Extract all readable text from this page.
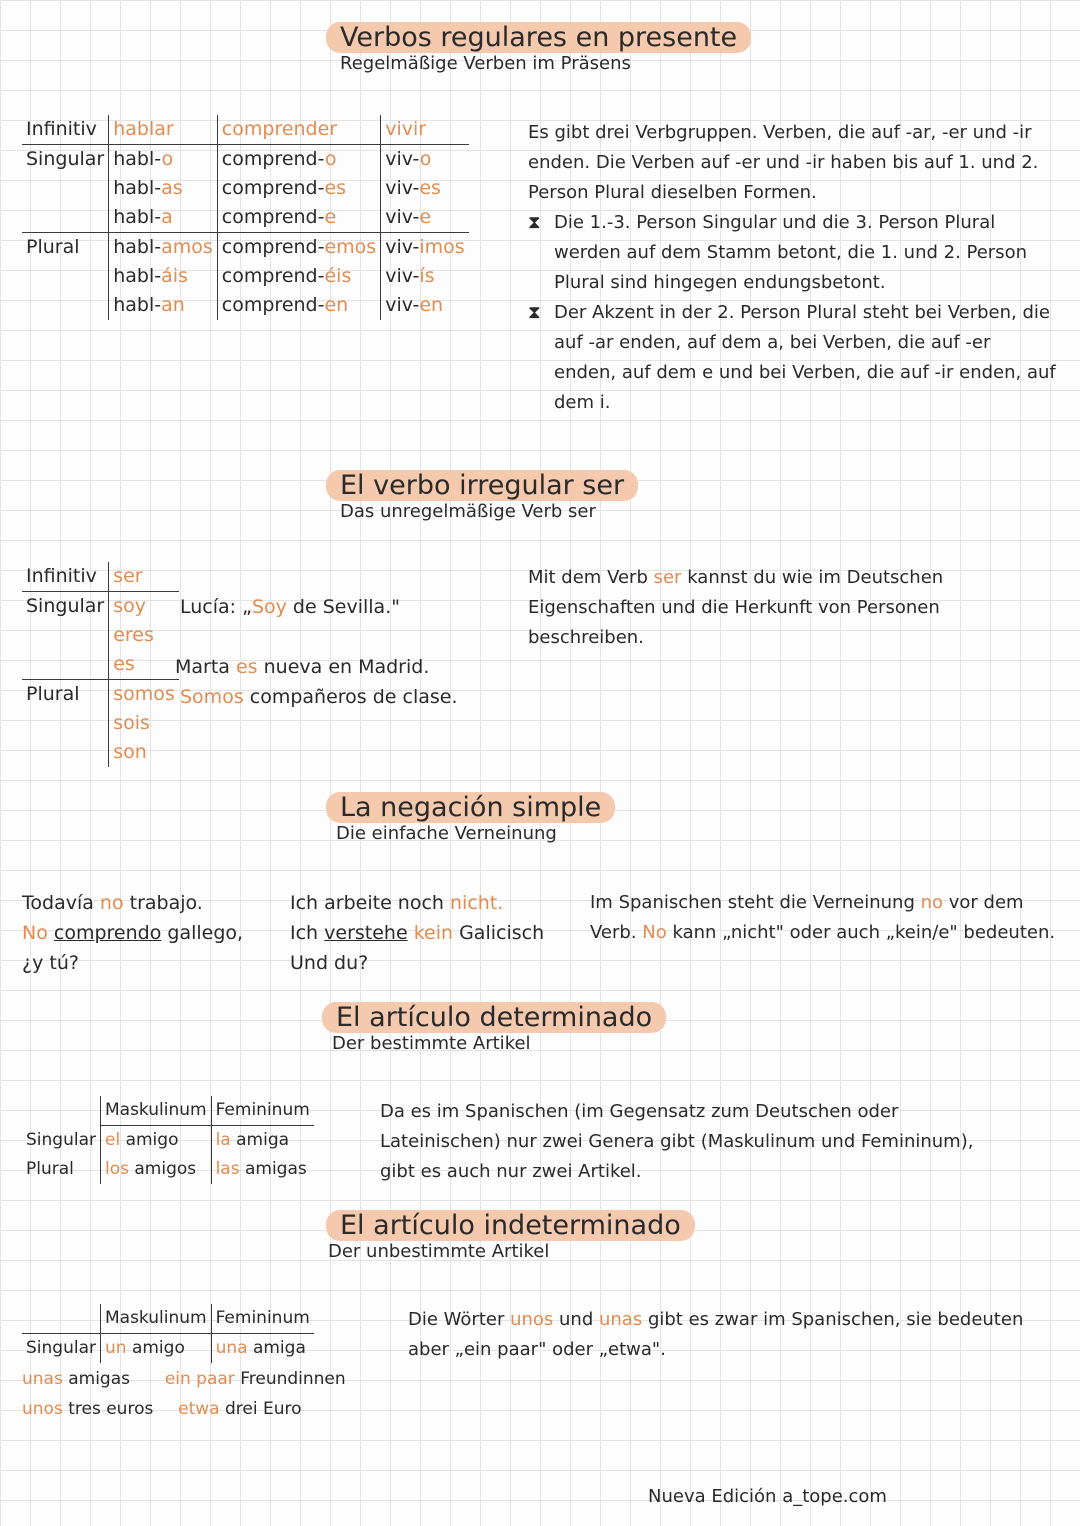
Verbos regulares en presente
Regelmäßige Verben im Präsens
Infinitiv	hablar	comprender	vivir
Singular	habl-o	comprend-o	viv-o
	habl-as	comprend-es	viv-es
	habl-a	comprend-e	viv-e
Plural	habl-amos	comprend-emos	viv-imos
	habl-áis	comprend-éis	viv-ís
	habl-an	comprend-en	viv-en
Es gibt drei Verbgruppen. Verben, die auf -ar, -er und -ir enden. Die Verben auf -er und -ir haben bis auf 1. und 2. Person Plural dieselben Formen.
⧗ Die 1.-3. Person Singular und die 3. Person Plural werden auf dem Stamm betont, die 1. und 2. Person Plural sind hingegen endungsbetont.
⧗ Der Akzent in der 2. Person Plural steht bei Verben, die auf -ar enden, auf dem a, bei Verben, die auf -er enden, auf dem e und bei Verben, die auf -ir enden, auf dem i.
El verbo irregular ser
Das unregelmäßige Verb ser
Infinitiv	ser
Singular	soy
	eres
	es
Plural	somos
	sois
	son
Lucía: „Soy de Sevilla."
Marta es nueva en Madrid.
Somos compañeros de clase.
Mit dem Verb ser kannst du wie im Deutschen Eigenschaften und die Herkunft von Personen beschreiben.
La negación simple
Die einfache Verneinung
Todavía no trabajo.
No comprendo gallego,
¿y tú?
Ich arbeite noch nicht.
Ich verstehe kein Galicisch
Und du?
Im Spanischen steht die Verneinung no vor dem Verb. No kann „nicht" oder auch „kein/e" bedeuten.
El artículo determinado
Der bestimmte Artikel
	Maskulinum	Femininum
Singular	el amigo	la amiga
Plural	los amigos	las amigas
Da es im Spanischen (im Gegensatz zum Deutschen oder Lateinischen) nur zwei Genera gibt (Maskulinum und Femininum), gibt es auch nur zwei Artikel.
El artículo indeterminado
Der unbestimmte Artikel
	Maskulinum	Femininum
Singular	un amigo	una amiga
unas amigas ein paar Freundinnen
unos tres euros etwa drei Euro
Die Wörter unos und unas gibt es zwar im Spanischen, sie bedeuten aber „ein paar" oder „etwa".
Nueva Edición a_tope.com
